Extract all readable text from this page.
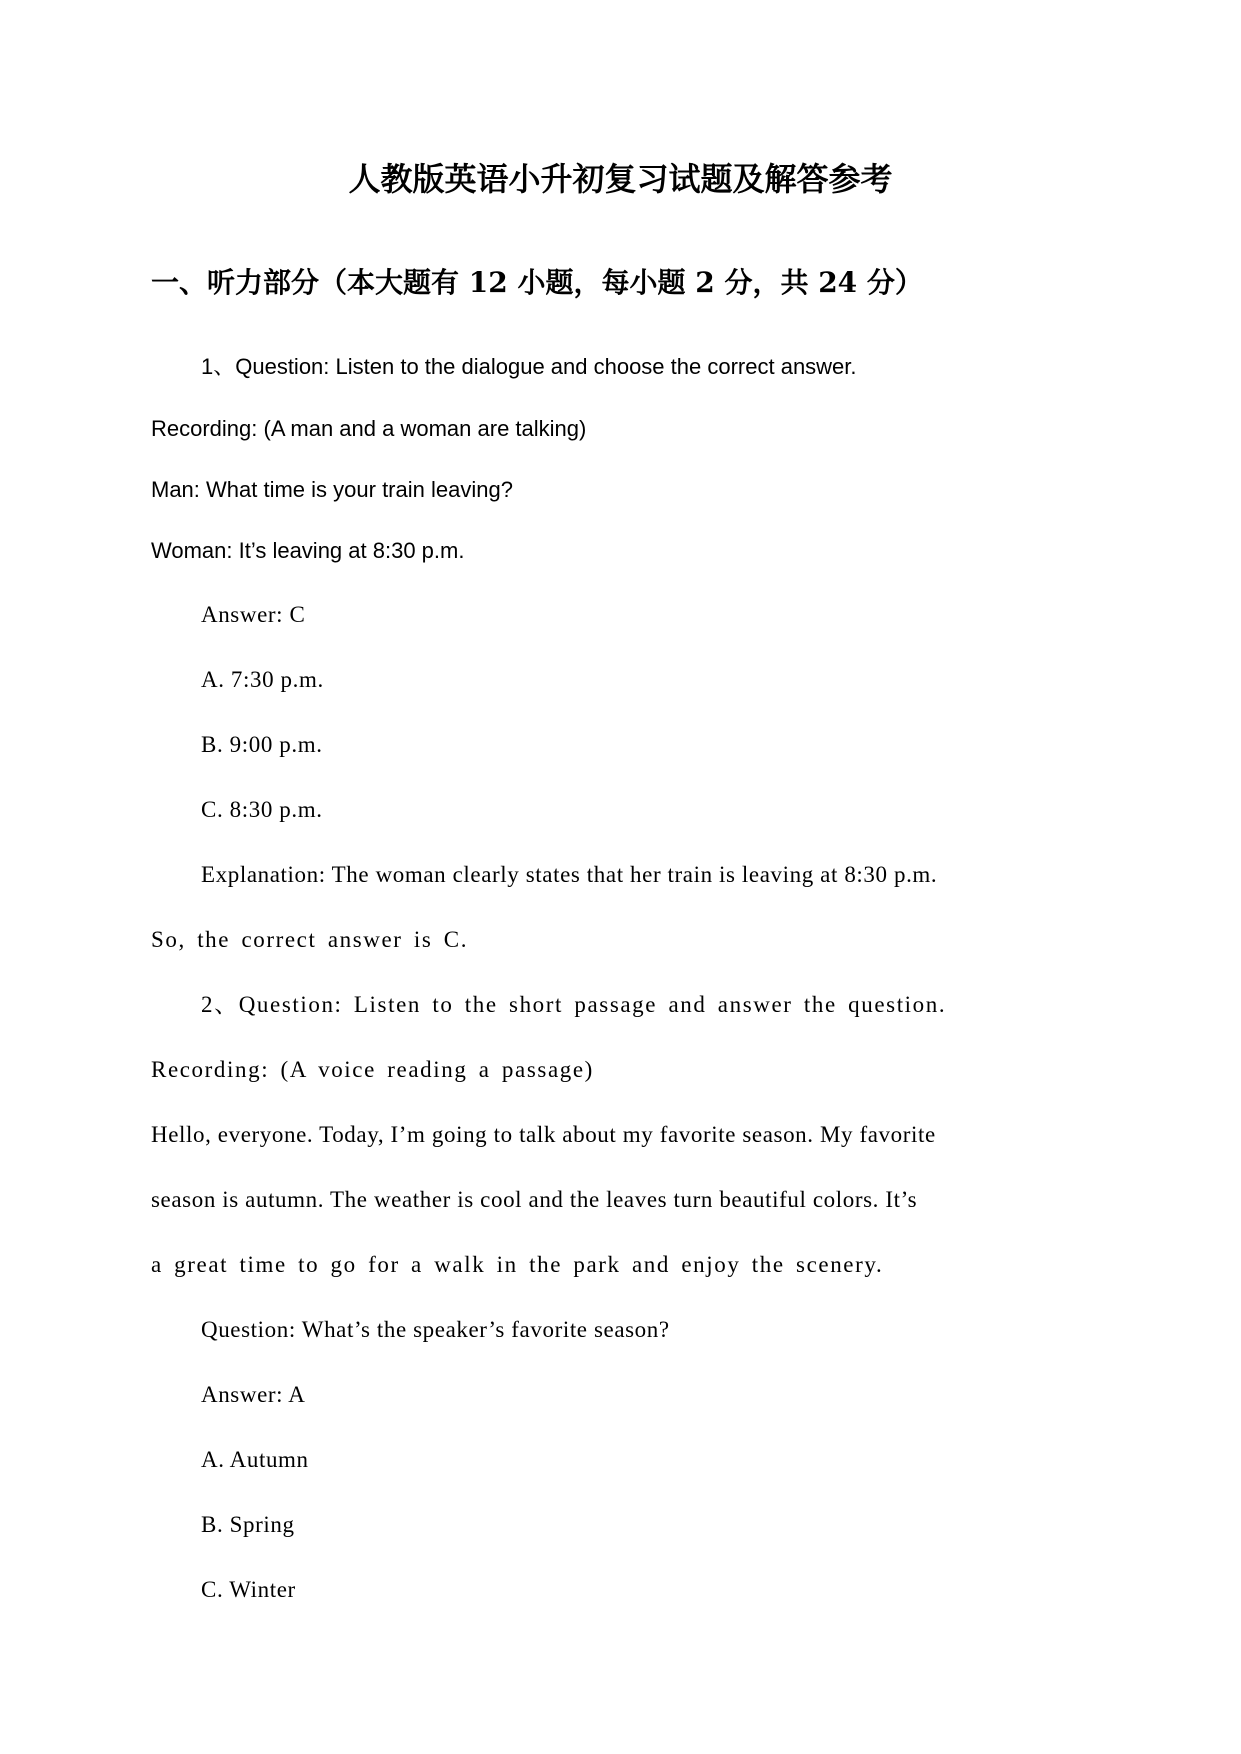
人教版英语小升初复习试题及解答参考
一、听力部分（本大题有 12 小题，每小题 2 分，共 24 分）
1、Question: Listen to the dialogue and choose the correct answer.
Recording: (A man and a woman are talking)
Man: What time is your train leaving?
Woman: It’s leaving at 8:30 p.m.
Answer: C
A. 7:30 p.m.
B. 9:00 p.m.
C. 8:30 p.m.
Explanation: The woman clearly states that her train is leaving at 8:30 p.m.
So, the correct answer is C.
2、Question: Listen to the short passage and answer the question.
Recording: (A voice reading a passage)
Hello, everyone. Today, I’m going to talk about my favorite season. My favorite
season is autumn. The weather is cool and the leaves turn beautiful colors. It’s
a great time to go for a walk in the park and enjoy the scenery.
Question: What’s the speaker’s favorite season?
Answer: A
A. Autumn
B. Spring
C. Winter
